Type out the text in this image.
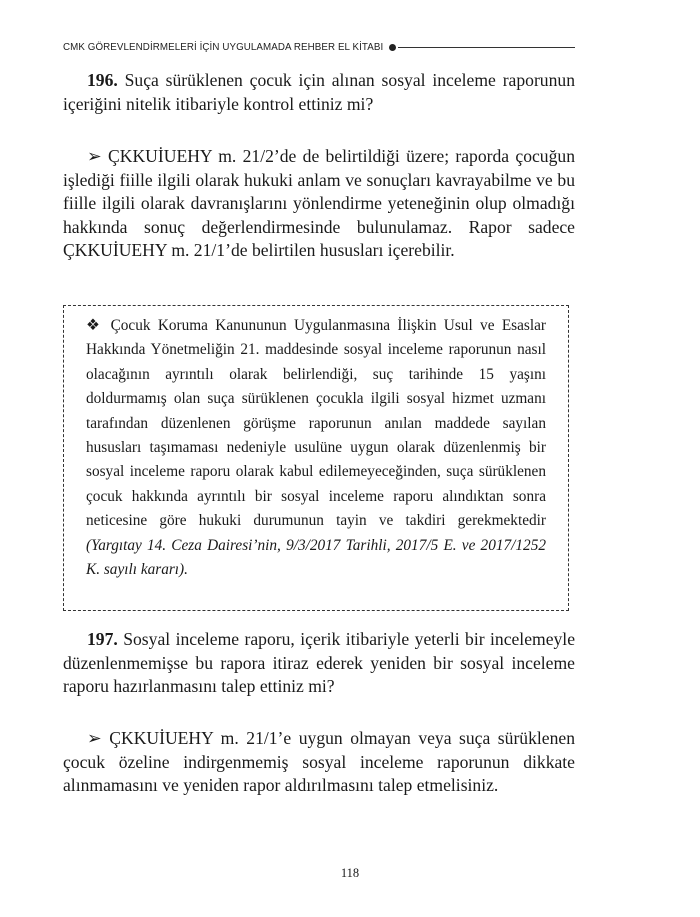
CMK GÖREVLENDİRMELERİ İÇİN UYGULAMADA REHBER EL KİTABI

196. Suça sürüklenen çocuk için alınan sosyal inceleme raporunun içeriğini nitelik itibariyle kontrol ettiniz mi?

➢ ÇKKUİUEHY m. 21/2’de de belirtildiği üzere; raporda çocuğun işlediği fiille ilgili olarak hukuki anlam ve sonuçları kavrayabilme ve bu fiille ilgili olarak davranışlarını yönlendirme yeteneğinin olup olmadığı hakkında sonuç değerlendirmesinde bulunulamaz. Rapor sadece ÇKKUİUEHY m. 21/1’de belirtilen hususları içerebilir.

❖ Çocuk Koruma Kanununun Uygulanmasına İlişkin Usul ve Esaslar Hakkında Yönetmeliğin 21. maddesinde sosyal inceleme raporunun nasıl olacağının ayrıntılı olarak belirlendiği, suç tarihinde 15 yaşını doldurmamış olan suça sürüklenen çocukla ilgili sosyal hizmet uzmanı tarafından düzenlenen görüşme raporunun anılan maddede sayılan hususları taşımaması nedeniyle usulüne uygun olarak düzenlenmiş bir sosyal inceleme raporu olarak kabul edilemeyeceğinden, suça sürüklenen çocuk hakkında ayrıntılı bir sosyal inceleme raporu alındıktan sonra neticesine göre hukuki durumunun tayin ve takdiri gerekmektedir (Yargıtay 14. Ceza Dairesi’nin, 9/3/2017 Tarihli, 2017/5 E. ve 2017/1252 K. sayılı kararı).

197. Sosyal inceleme raporu, içerik itibariyle yeterli bir incelemeyle düzenlenmemişse bu rapora itiraz ederek yeniden bir sosyal inceleme raporu hazırlanmasını talep ettiniz mi?

➢ ÇKKUİUEHY m. 21/1’e uygun olmayan veya suça sürüklenen çocuk özeline indirgenmemiş sosyal inceleme raporunun dikkate alınmamasını ve yeniden rapor aldırılmasını talep etmelisiniz.

118
